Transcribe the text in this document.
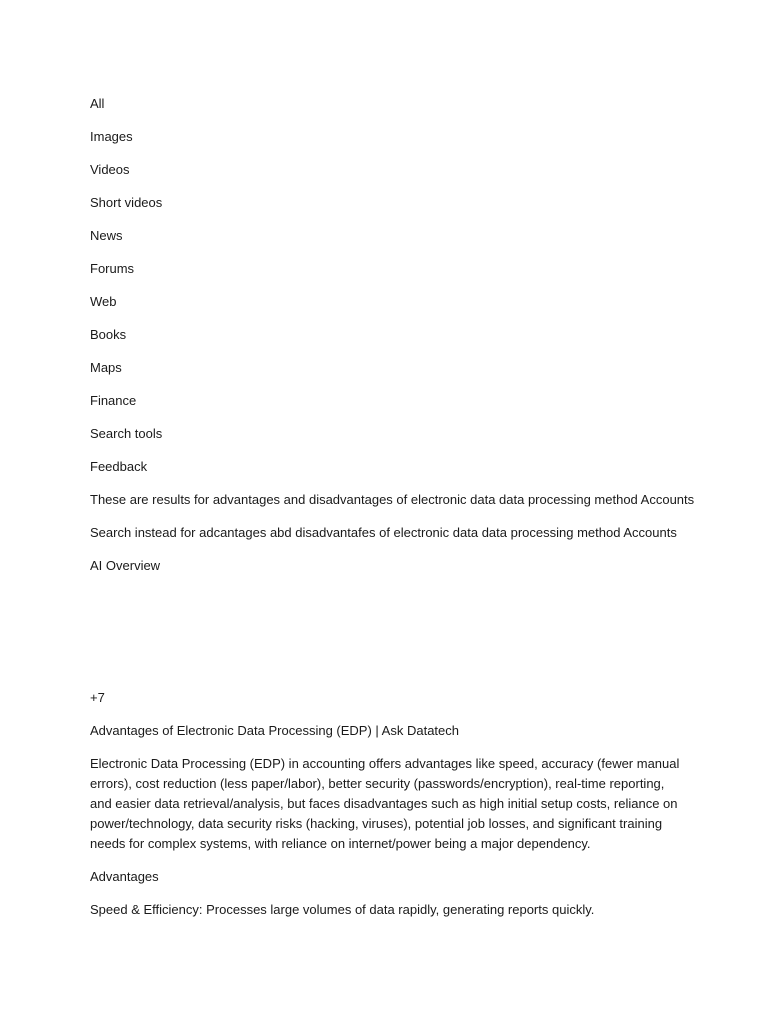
All

Images

Videos

Short videos

News

Forums

Web

Books

Maps

Finance

Search tools

Feedback

These are results for advantages and disadvantages of electronic data data processing method Accounts

Search instead for adcantages abd disadvantafes of electronic data data processing method Accounts

AI Overview

+7

Advantages of Electronic Data Processing (EDP) | Ask Datatech

Electronic Data Processing (EDP) in accounting offers advantages like speed, accuracy (fewer manual errors), cost reduction (less paper/labor), better security (passwords/encryption), real-time reporting, and easier data retrieval/analysis, but faces disadvantages such as high initial setup costs, reliance on power/technology, data security risks (hacking, viruses), potential job losses, and significant training needs for complex systems, with reliance on internet/power being a major dependency.

Advantages

Speed & Efficiency: Processes large volumes of data rapidly, generating reports quickly.
